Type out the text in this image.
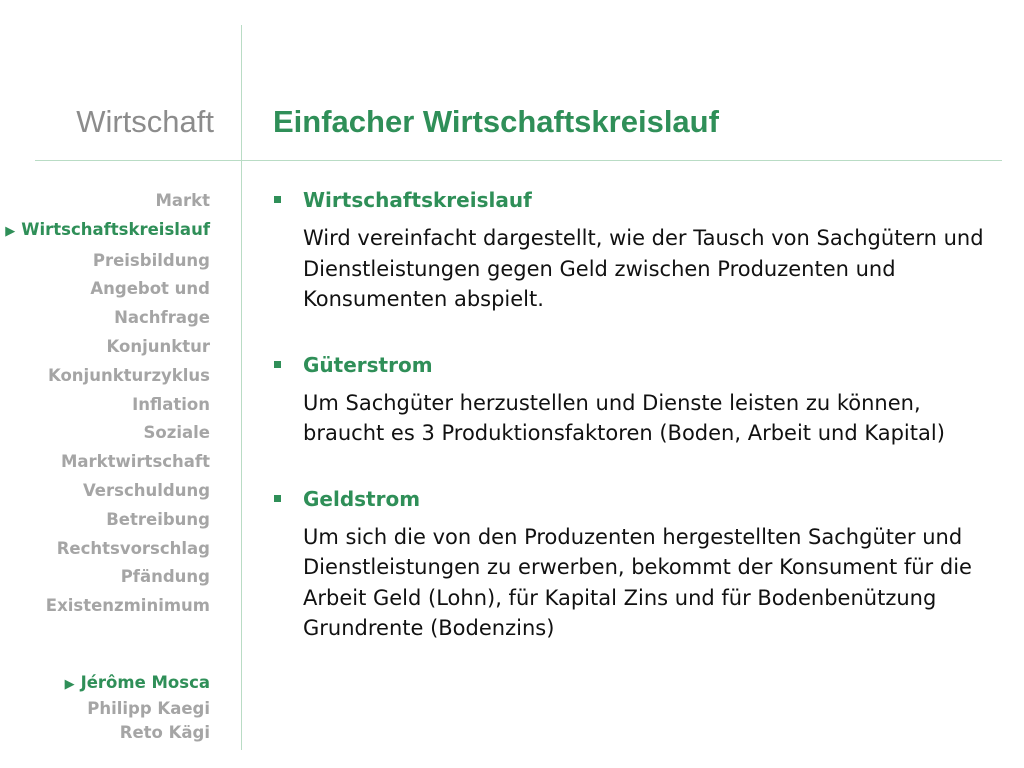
Wirtschaft Einfacher Wirtschaftskreislauf
Markt
▶ Wirtschaftskreislauf
Preisbildung
Angebot und
Nachfrage
Konjunktur
Konjunkturzyklus
Inflation
Soziale
Marktwirtschaft
Verschuldung
Betreibung
Rechtsvorschlag
Pfändung
Existenzminimum
▶ Jérôme Mosca
Philipp Kaegi
Reto Kägi
Wirtschaftskreislauf
Wird vereinfacht dargestellt, wie der Tausch von Sachgütern und Dienstleistungen gegen Geld zwischen Produzenten und Konsumenten abspielt.
Güterstrom
Um Sachgüter herzustellen und Dienste leisten zu können, braucht es 3 Produktionsfaktoren (Boden, Arbeit und Kapital)
Geldstrom
Um sich die von den Produzenten hergestellten Sachgüter und Dienstleistungen zu erwerben, bekommt der Konsument für die Arbeit Geld (Lohn), für Kapital Zins und für Bodenbenützung Grundrente (Bodenzins)
